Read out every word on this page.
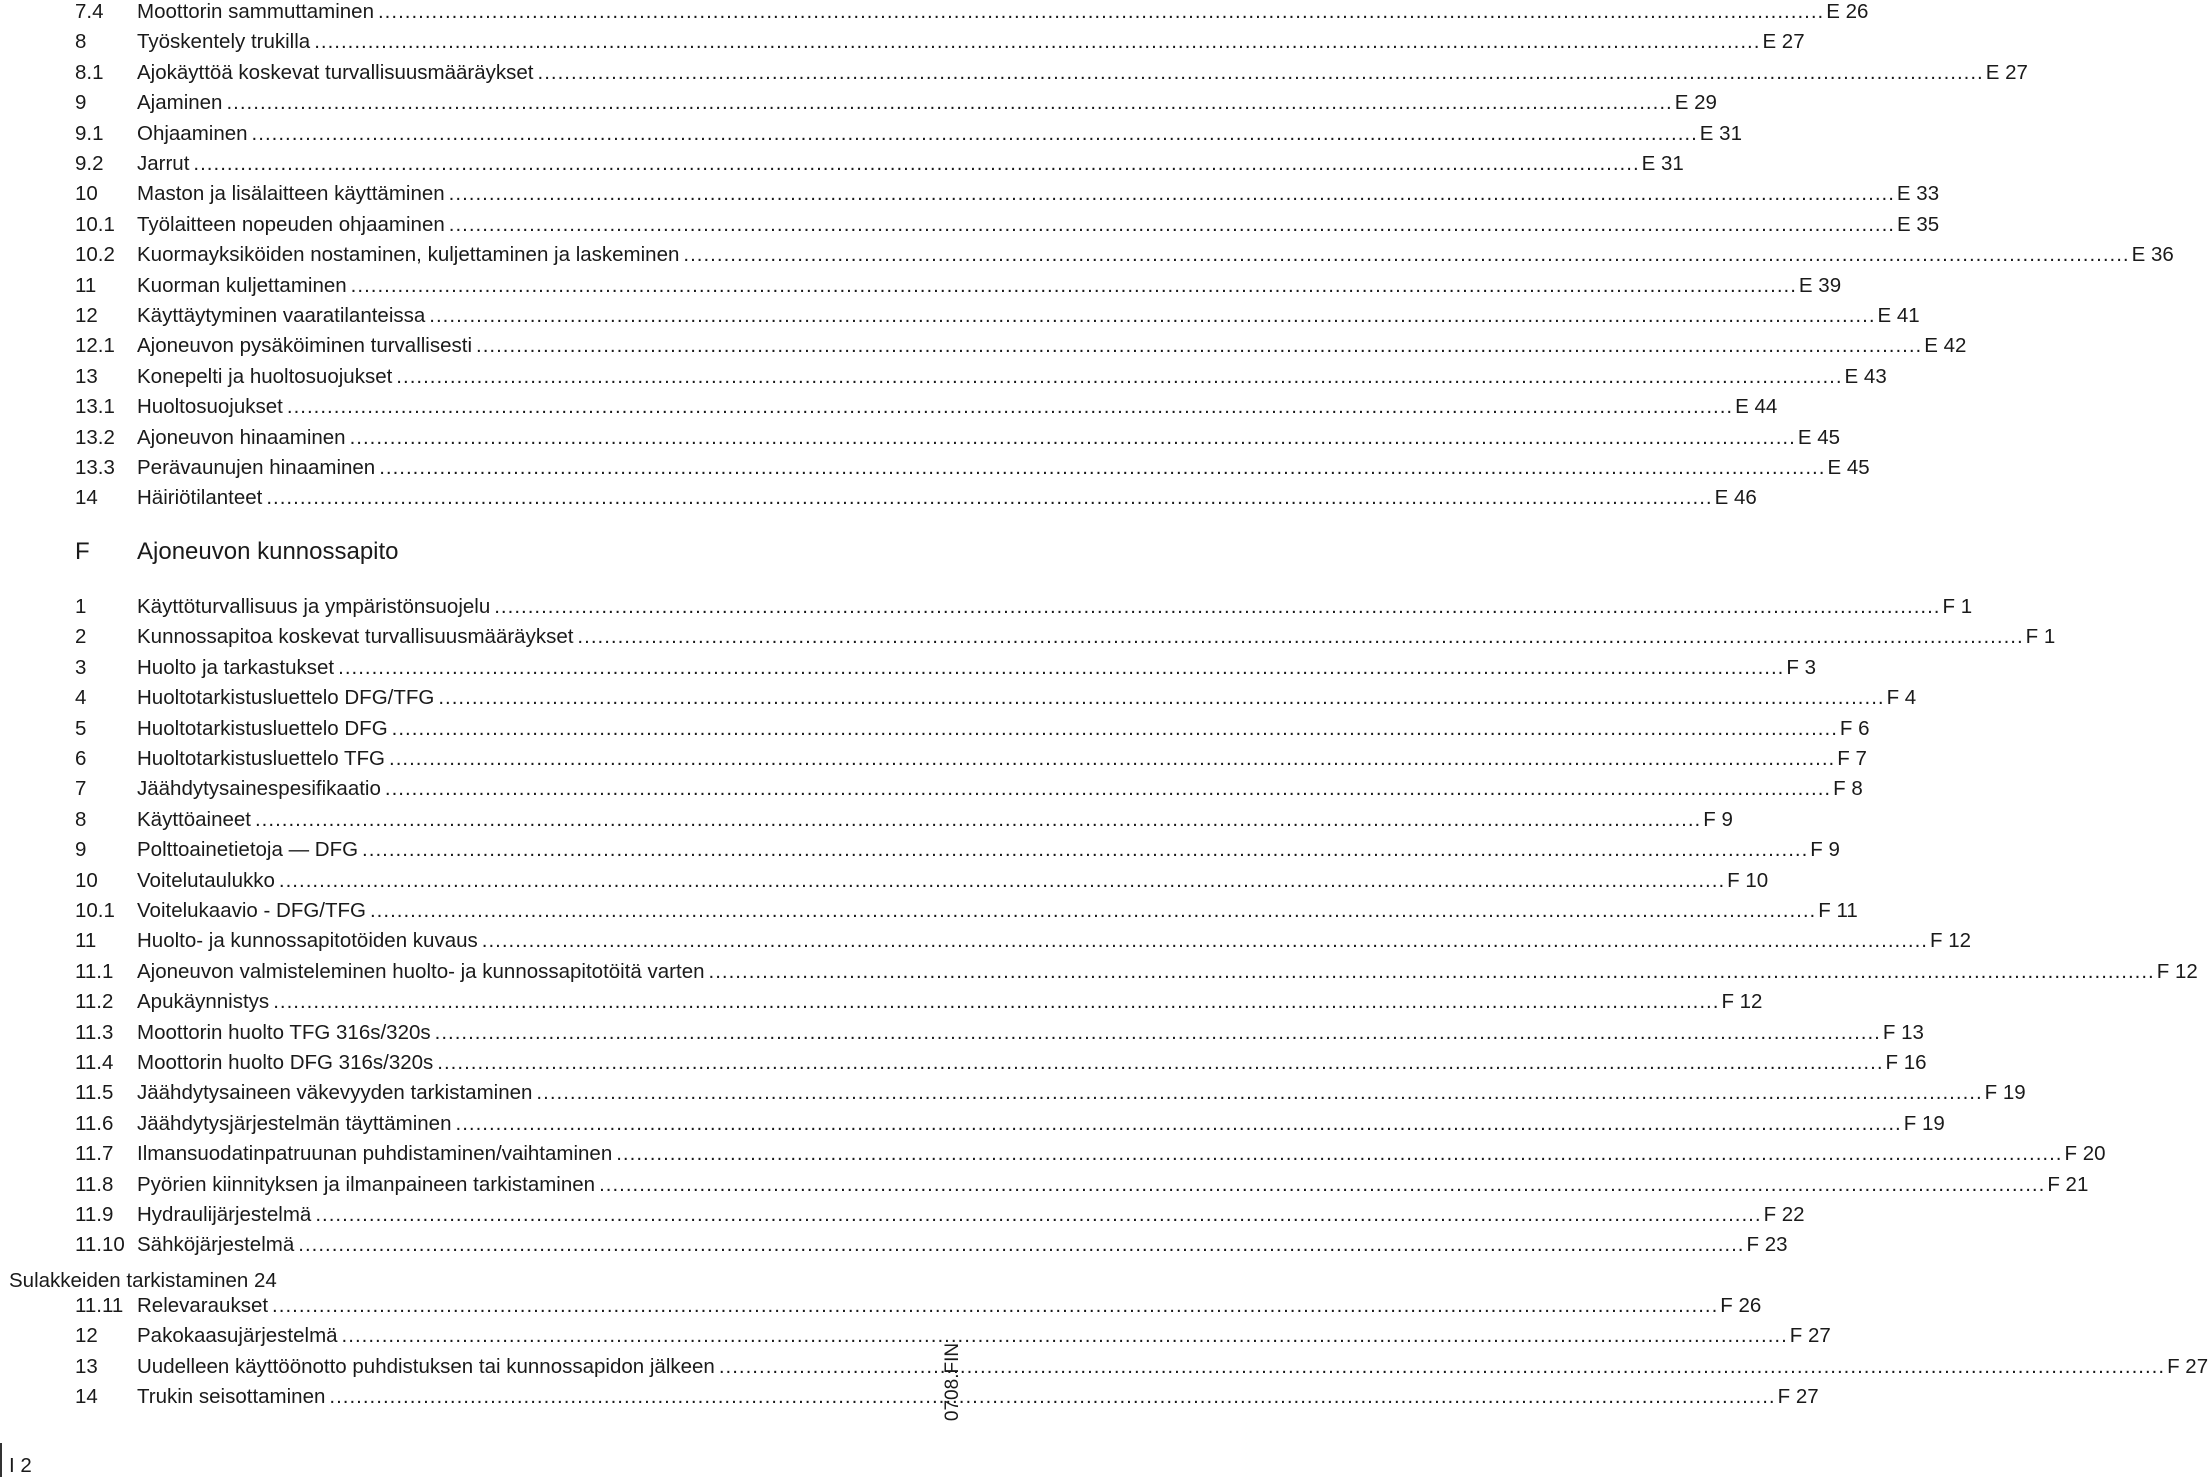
7.4 Moottorin sammuttaminen .....	E 26
8 Työskentely trukilla .....	E 27
8.1 Ajokäyttöä koskevat turvallisuusmääräykset .....	E 27
9 Ajaminen .....	E 29
9.1 Ohjaaminen .....	E 31
9.2 Jarrut .....	E 31
10 Maston ja lisälaitteen käyttäminen .....	E 33
10.1 Työlaitteen nopeuden ohjaaminen .....	E 35
10.2 Kuormayksiköiden nostaminen, kuljettaminen ja laskeminen .....	E 36
11 Kuorman kuljettaminen .....	E 39
12 Käyttäytyminen vaaratilanteissa .....	E 41
12.1 Ajoneuvon pysäköiminen turvallisesti .....	E 42
13 Konepelti ja huoltosuojukset .....	E 43
13.1 Huoltosuojukset .....	E 44
13.2 Ajoneuvon hinaaminen .....	E 45
13.3 Perävaunujen hinaaminen .....	E 45
14 Häiriötilanteet .....	E 46
F Ajoneuvon kunnossapito
1 Käyttöturvallisuus ja ympäristönsuojelu .....	F 1
2 Kunnossapitoa koskevat turvallisuusmääräykset .....	F 1
3 Huolto ja tarkastukset .....	F 3
4 Huoltotarkistusluettelo DFG/TFG .....	F 4
5 Huoltotarkistusluettelo DFG .....	F 6
6 Huoltotarkistusluettelo TFG .....	F 7
7 Jäähdytysainespesifikaatio .....	F 8
8 Käyttöaineet .....	F 9
9 Polttoainetietoja — DFG .....	F 9
10 Voitelutaulukko .....	F 10
10.1 Voitelukaavio - DFG/TFG .....	F 11
11 Huolto- ja kunnossapitotöiden kuvaus .....	F 12
11.1 Ajoneuvon valmisteleminen huolto- ja kunnossapitotöitä varten .....	F 12
11.2 Apukäynnistys .....	F 12
11.3 Moottorin huolto TFG 316s/320s .....	F 13
11.4 Moottorin huolto DFG 316s/320s .....	F 16
11.5 Jäähdytysaineen väkevyyden tarkistaminen .....	F 19
11.6 Jäähdytysjärjestelmän täyttäminen .....	F 19
11.7 Ilmansuodatinpatruunan puhdistaminen/vaihtaminen .....	F 20
11.8 Pyörien kiinnityksen ja ilmanpaineen tarkistaminen .....	F 21
11.9 Hydraulijärjestelmä .....	F 22
11.10 Sähköjärjestelmä .....	F 23
Sulakkeiden tarkistaminen 24
11.11 Relevaraukset .....	F 26
12 Pakokaasujärjestelmä .....	F 27
13 Uudelleen käyttöönotto puhdistuksen tai kunnossapidon jälkeen .....	F 27
14 Trukin seisottaminen .....	F 27
0708.FIN
I 2
